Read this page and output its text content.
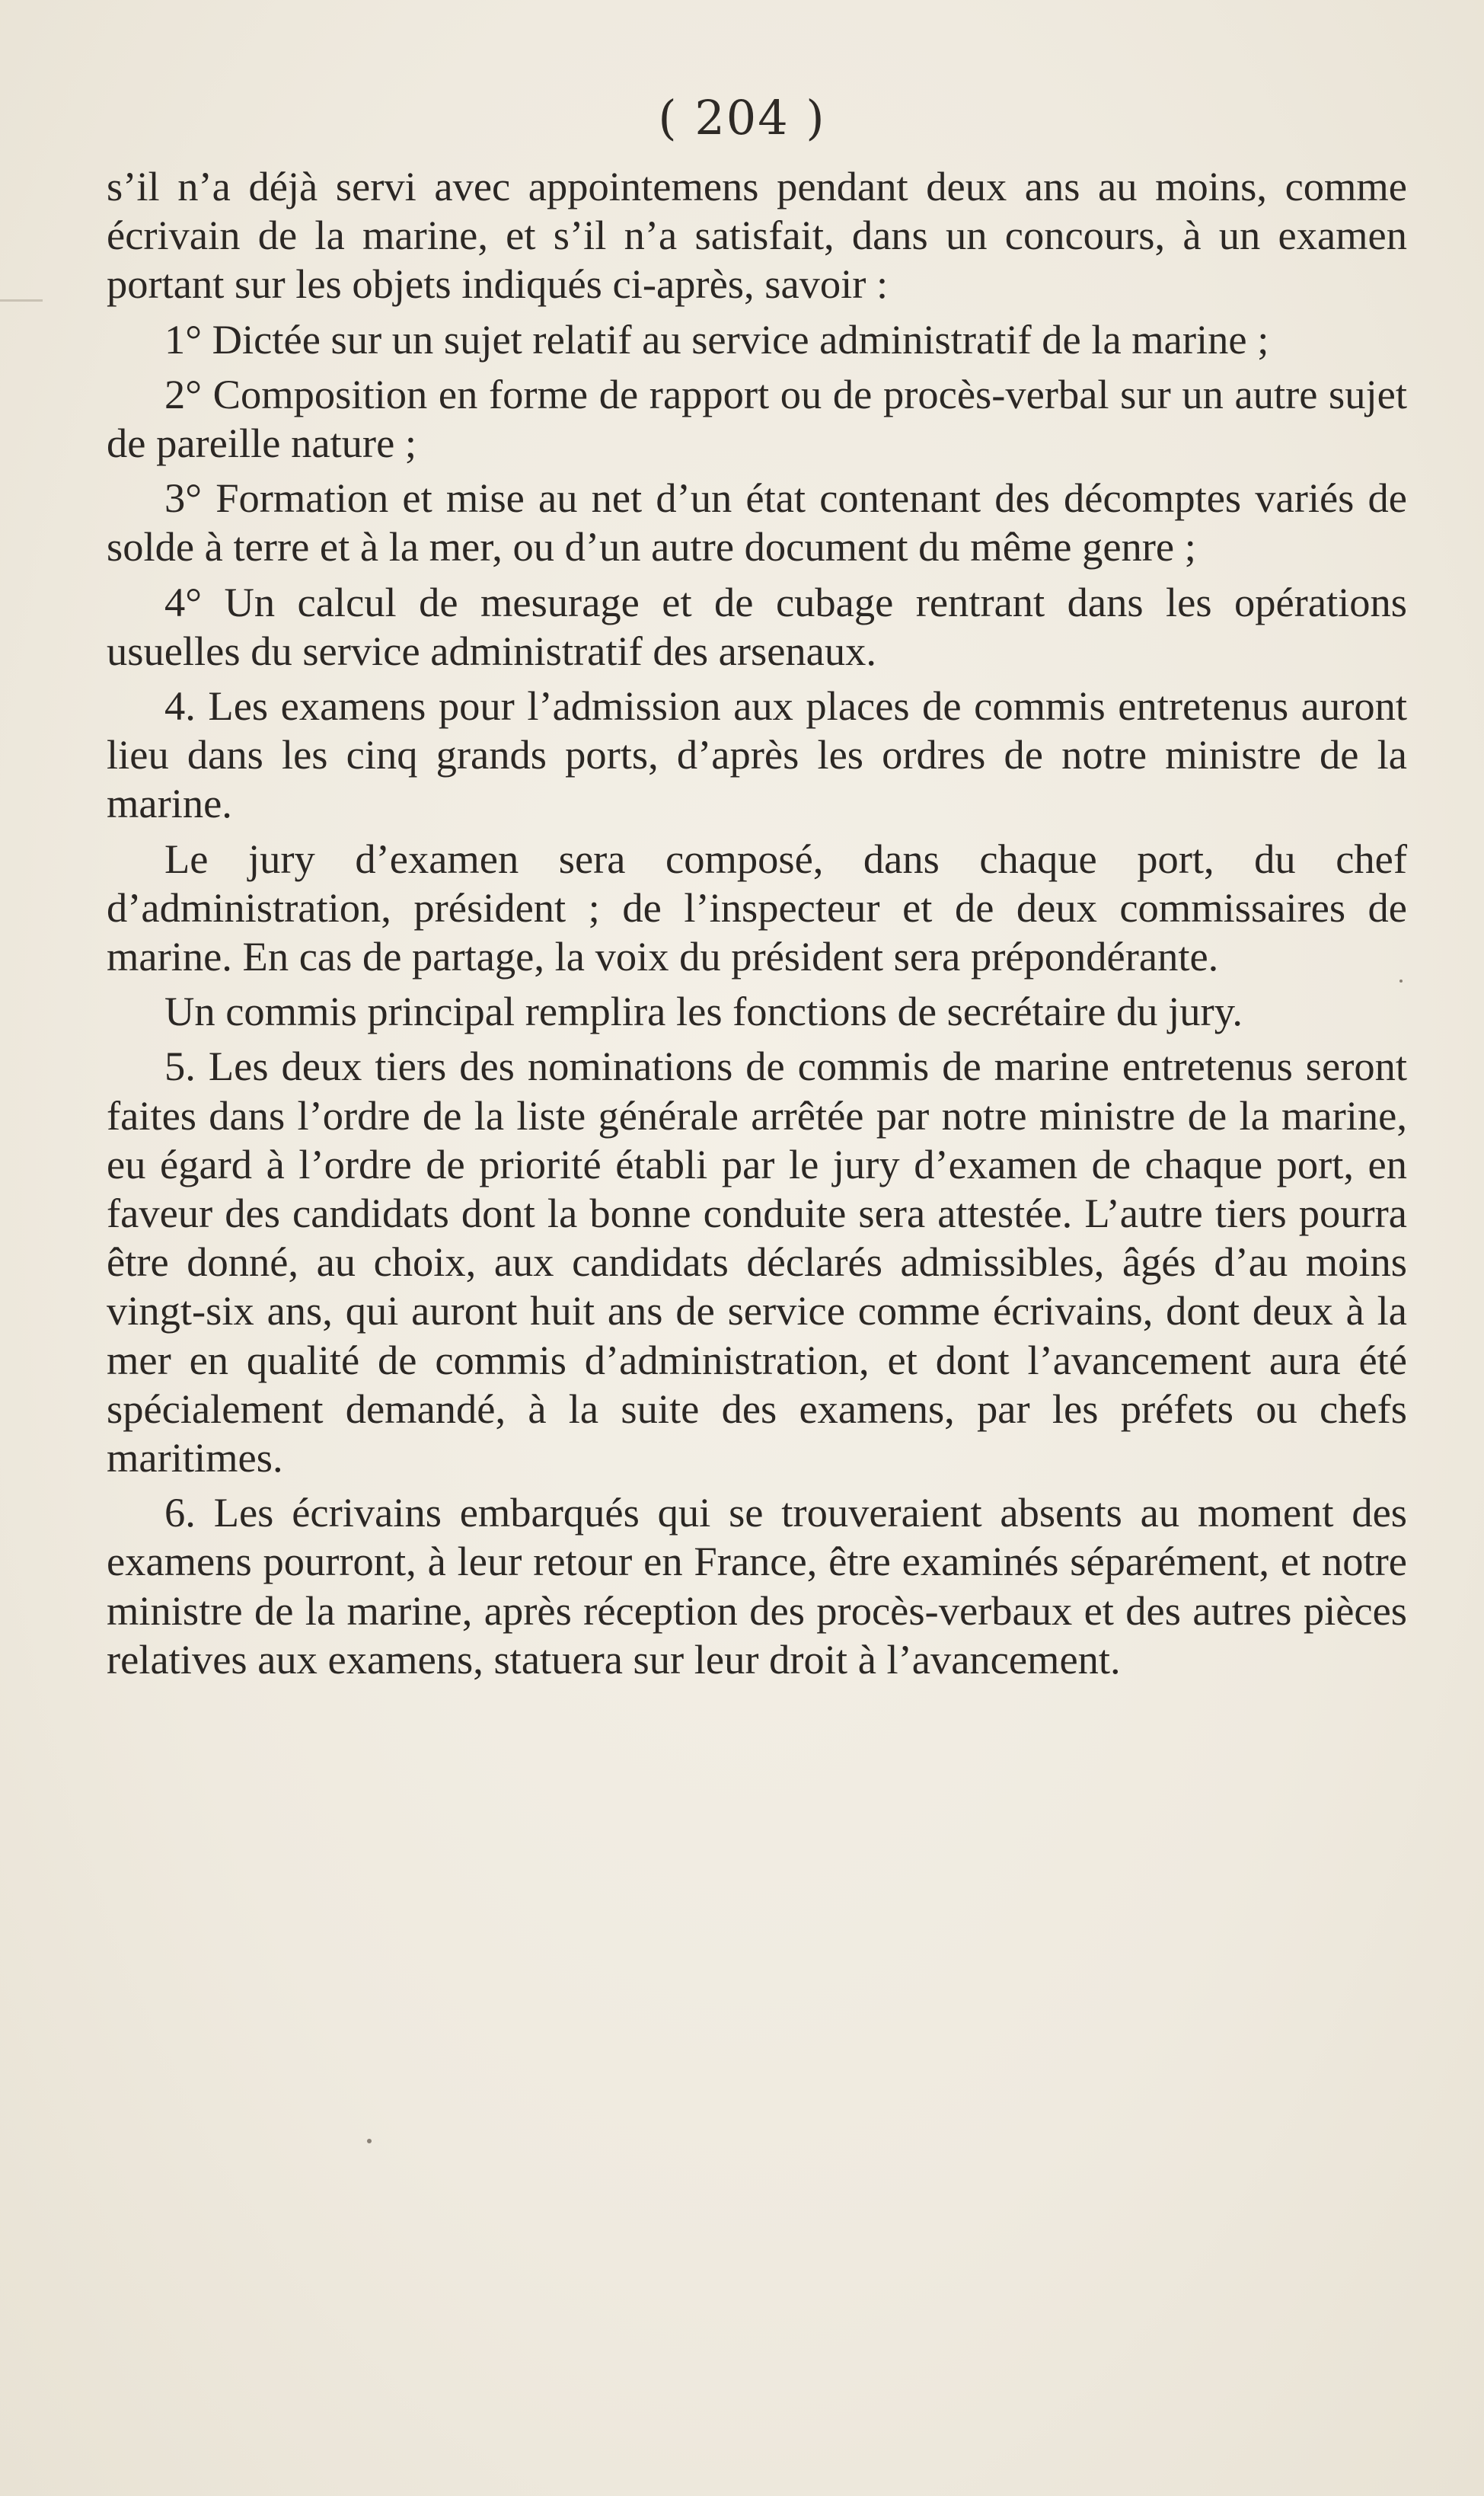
( 204 )

s’il n’a déjà servi avec appointemens pendant deux ans au moins, comme écrivain de la marine, et s’il n’a satisfait, dans un concours, à un examen portant sur les objets indiqués ci-après, savoir :

1° Dictée sur un sujet relatif au service administratif de la marine ;

2° Composition en forme de rapport ou de procès-verbal sur un autre sujet de pareille nature ;

3° Formation et mise au net d’un état contenant des décomptes variés de solde à terre et à la mer, ou d’un autre document du même genre ;

4° Un calcul de mesurage et de cubage rentrant dans les opérations usuelles du service administratif des arsenaux.

4. Les examens pour l’admission aux places de commis entretenus auront lieu dans les cinq grands ports, d’après les ordres de notre ministre de la marine.

Le jury d’examen sera composé, dans chaque port, du chef d’administration, président ; de l’inspecteur et de deux commissaires de marine. En cas de partage, la voix du président sera prépondérante.

Un commis principal remplira les fonctions de secrétaire du jury.

5. Les deux tiers des nominations de commis de marine entretenus seront faites dans l’ordre de la liste générale arrêtée par notre ministre de la marine, eu égard à l’ordre de priorité établi par le jury d’examen de chaque port, en faveur des candidats dont la bonne conduite sera attestée. L’autre tiers pourra être donné, au choix, aux candidats déclarés admissibles, âgés d’au moins vingt-six ans, qui auront huit ans de service comme écrivains, dont deux à la mer en qualité de commis d’administration, et dont l’avancement aura été spécialement demandé, à la suite des examens, par les préfets ou chefs maritimes.

6. Les écrivains embarqués qui se trouveraient absents au moment des examens pourront, à leur retour en France, être examinés séparément, et notre ministre de la marine, après réception des procès-verbaux et des autres pièces relatives aux examens, statuera sur leur droit à l’avancement.
